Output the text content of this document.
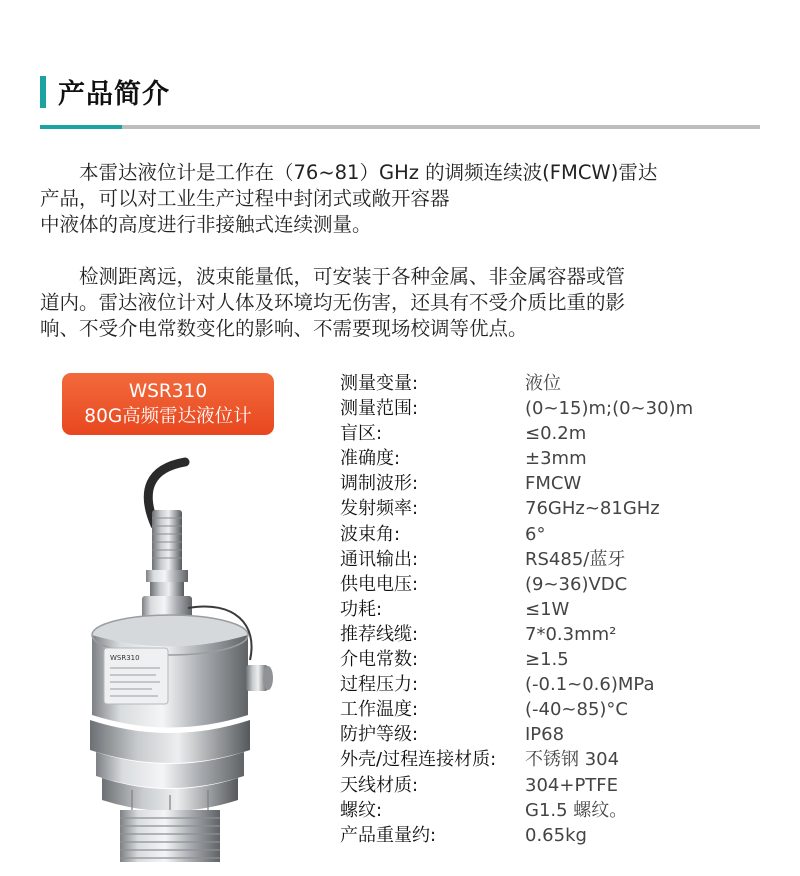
产品简介
　　本雷达液位计是工作在（76~81）GHz 的调频连续波(FMCW)雷达
产品，可以对工业生产过程中封闭式或敞开容器
中液体的高度进行非接触式连续测量。
　　检测距离远，波束能量低，可安装于各种金属、非金属容器或管
道内。雷达液位计对人体及环境均无伤害，还具有不受介质比重的影
响、不受介电常数变化的影响、不需要现场校调等优点。
WSR310
80G高频雷达液位计
WSR310
测量变量:	液位
测量范围:	(0~15)m;(0~30)m
盲区:	≤0.2m
准确度:	±3mm
调制波形:	FMCW
发射频率:	76GHz~81GHz
波束角:	6°
通讯输出:	RS485/蓝牙
供电电压:	(9~36)VDC
功耗:	≤1W
推荐线缆:	7*0.3mm²
介电常数:	≥1.5
过程压力:	(-0.1~0.6)MPa
工作温度:	(-40~85)°C
防护等级:	IP68
外壳/过程连接材质: 不锈钢 304
天线材质:	304+PTFE
螺纹:	G1.5 螺纹。
产品重量约:	0.65kg
